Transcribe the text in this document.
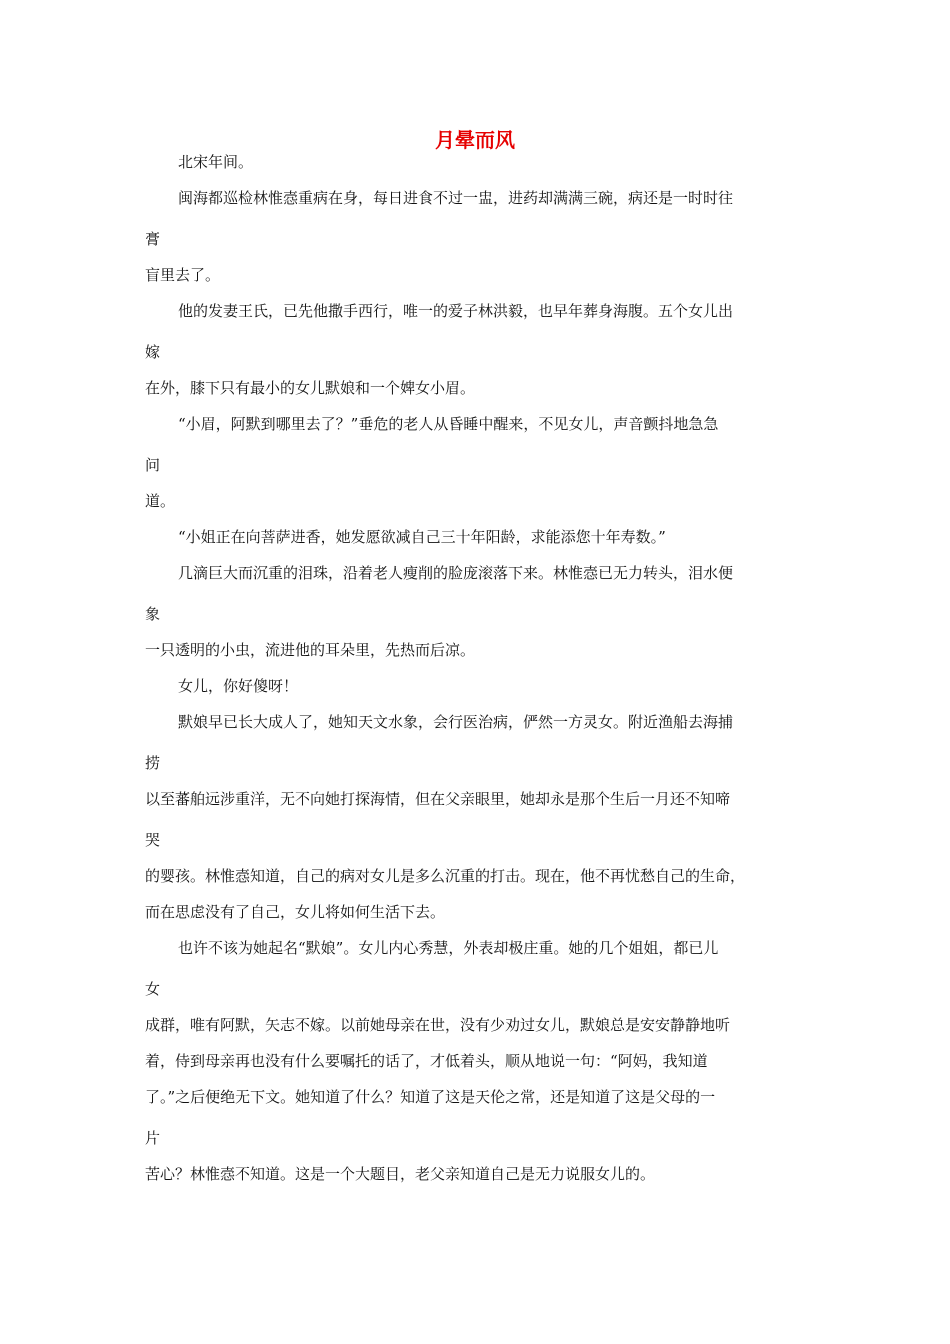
月晕而风
北宋年间。
闽海都巡检林惟悫重病在身，每日进食不过一盅，进药却满满三碗，病还是一时时往
膏
盲里去了。
他的发妻王氏，已先他撒手西行，唯一的爱子林洪毅，也早年葬身海腹。五个女儿出
嫁
在外，膝下只有最小的女儿默娘和一个婢女小眉。
“小眉，阿默到哪里去了？”垂危的老人从昏睡中醒来，不见女儿，声音颤抖地急急
问
道。
“小姐正在向菩萨进香，她发愿欲减自己三十年阳龄，求能添您十年寿数。”
几滴巨大而沉重的泪珠，沿着老人瘦削的脸庞滚落下来。林惟悫已无力转头，泪水便
象
一只透明的小虫，流进他的耳朵里，先热而后凉。
女儿，你好傻呀！
默娘早已长大成人了，她知天文水象，会行医治病，俨然一方灵女。附近渔船去海捕
捞
以至蕃舶远涉重洋，无不向她打探海情，但在父亲眼里，她却永是那个生后一月还不知啼
哭
的婴孩。林惟悫知道，自己的病对女儿是多么沉重的打击。现在，他不再忧愁自己的生命，
而在思虑没有了自己，女儿将如何生活下去。
也许不该为她起名“默娘”。女儿内心秀慧，外表却极庄重。她的几个姐姐，都已儿
女
成群，唯有阿默，矢志不嫁。以前她母亲在世，没有少劝过女儿，默娘总是安安静静地听
着，侍到母亲再也没有什么要嘱托的话了，才低着头，顺从地说一句：“阿妈，我知道
了。”之后便绝无下文。她知道了什么？知道了这是天伦之常，还是知道了这是父母的一
片
苦心？林惟悫不知道。这是一个大题目，老父亲知道自己是无力说服女儿的。
